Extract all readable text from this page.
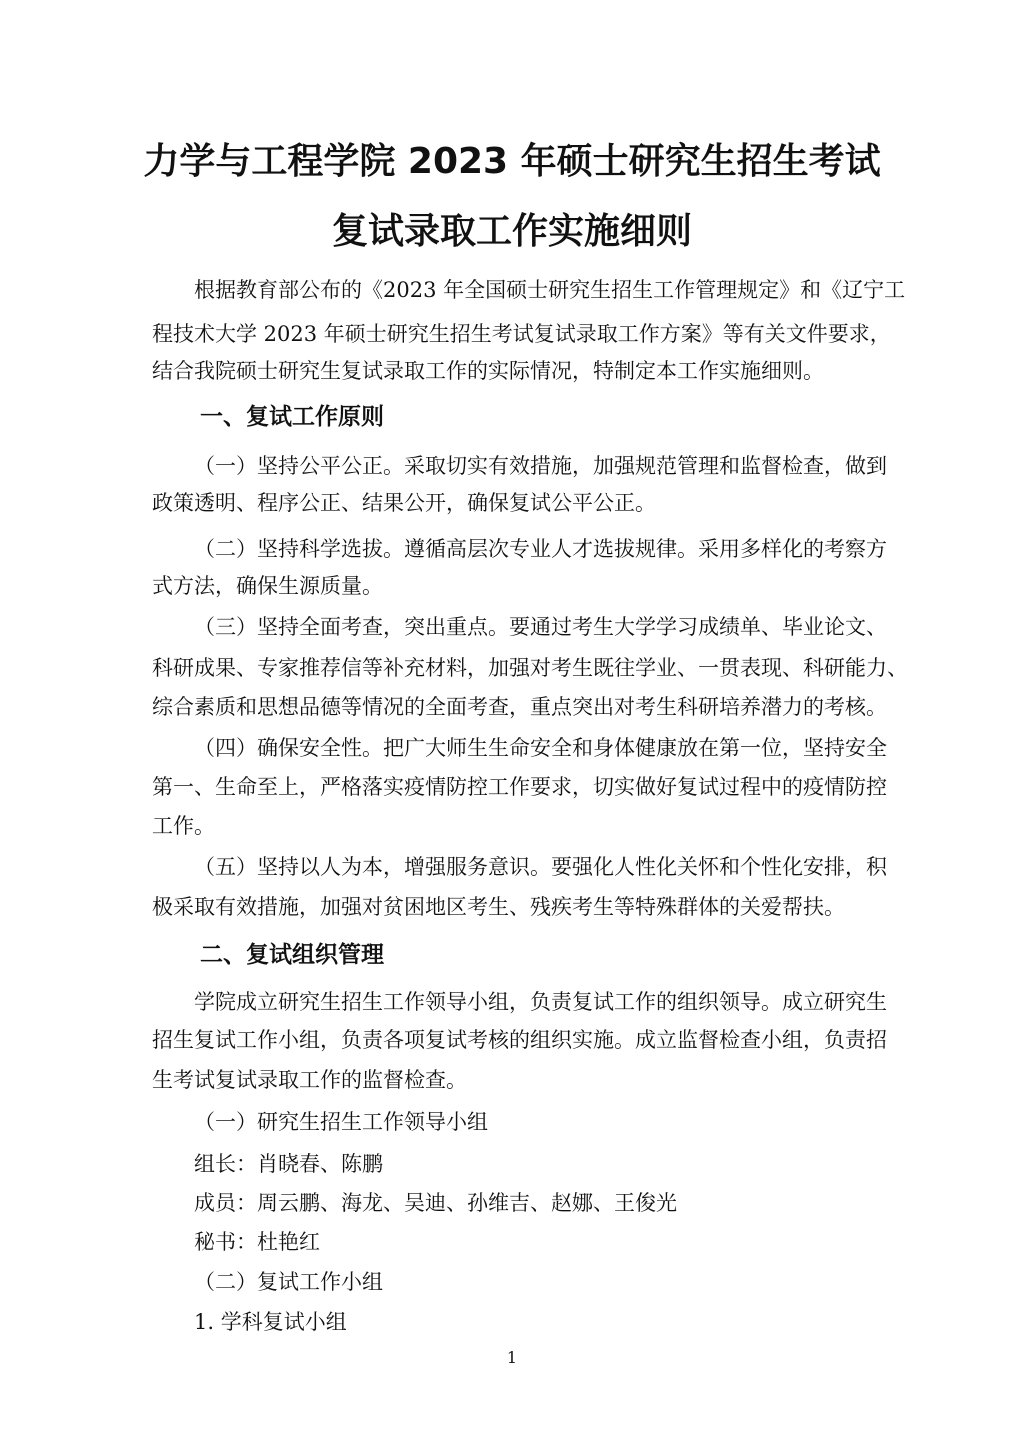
力学与工程学院 2023 年硕士研究生招生考试
复试录取工作实施细则
根据教育部公布的《2023 年全国硕士研究生招生工作管理规定》和《辽宁工
程技术大学 2023 年硕士研究生招生考试复试录取工作方案》等有关文件要求，
结合我院硕士研究生复试录取工作的实际情况，特制定本工作实施细则。
一、复试工作原则
（一）坚持公平公正。采取切实有效措施，加强规范管理和监督检查，做到
政策透明、程序公正、结果公开，确保复试公平公正。
（二）坚持科学选拔。遵循高层次专业人才选拔规律。采用多样化的考察方
式方法，确保生源质量。
（三）坚持全面考查，突出重点。要通过考生大学学习成绩单、毕业论文、
科研成果、专家推荐信等补充材料，加强对考生既往学业、一贯表现、科研能力、
综合素质和思想品德等情况的全面考查，重点突出对考生科研培养潜力的考核。
（四）确保安全性。把广大师生生命安全和身体健康放在第一位，坚持安全
第一、生命至上，严格落实疫情防控工作要求，切实做好复试过程中的疫情防控
工作。
（五）坚持以人为本，增强服务意识。要强化人性化关怀和个性化安排，积
极采取有效措施，加强对贫困地区考生、残疾考生等特殊群体的关爱帮扶。
二、复试组织管理
学院成立研究生招生工作领导小组，负责复试工作的组织领导。成立研究生
招生复试工作小组，负责各项复试考核的组织实施。成立监督检查小组，负责招
生考试复试录取工作的监督检查。
（一）研究生招生工作领导小组
组长：肖晓春、陈鹏
成员：周云鹏、海龙、吴迪、孙维吉、赵娜、王俊光
秘书：杜艳红
（二）复试工作小组
1. 学科复试小组
1
